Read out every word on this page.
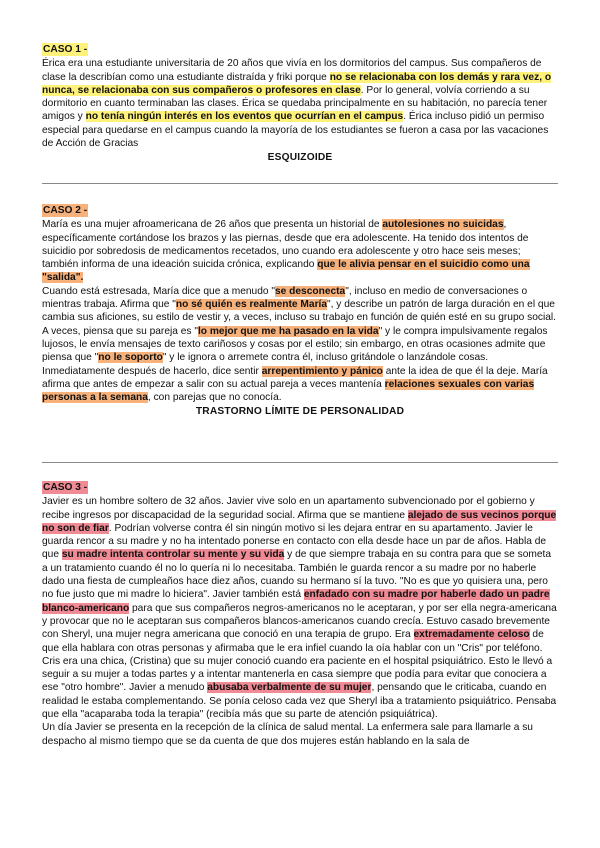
CASO 1 -
Érica era una estudiante universitaria de 20 años que vivía en los dormitorios del campus. Sus compañeros de clase la describían como una estudiante distraída y friki porque no se relacionaba con los demás y rara vez, o nunca, se relacionaba con sus compañeros o profesores en clase. Por lo general, volvía corriendo a su dormitorio en cuanto terminaban las clases. Érica se quedaba principalmente en su habitación, no parecía tener amigos y no tenía ningún interés en los eventos que ocurrían en el campus. Érica incluso pidió un permiso especial para quedarse en el campus cuando la mayoría de los estudiantes se fueron a casa por las vacaciones de Acción de Gracias
ESQUIZOIDE
CASO 2 -
María es una mujer afroamericana de 26 años que presenta un historial de autolesiones no suicidas, específicamente cortándose los brazos y las piernas, desde que era adolescente. Ha tenido dos intentos de suicidio por sobredosis de medicamentos recetados, uno cuando era adolescente y otro hace seis meses; también informa de una ideación suicida crónica, explicando que le alivia pensar en el suicidio como una "salida".
Cuando está estresada, María dice que a menudo "se desconecta", incluso en medio de conversaciones o mientras trabaja. Afirma que "no sé quién es realmente María", y describe un patrón de larga duración en el que cambia sus aficiones, su estilo de vestir y, a veces, incluso su trabajo en función de quién esté en su grupo social. A veces, piensa que su pareja es "lo mejor que me ha pasado en la vida" y le compra impulsivamente regalos lujosos, le envía mensajes de texto cariñosos y cosas por el estilo; sin embargo, en otras ocasiones admite que piensa que "no le soporto" y le ignora o arremete contra él, incluso gritándole o lanzándole cosas. Inmediatamente después de hacerlo, dice sentir arrepentimiento y pánico ante la idea de que él la deje. María afirma que antes de empezar a salir con su actual pareja a veces mantenía relaciones sexuales con varias personas a la semana, con parejas que no conocía.
TRASTORNO LÍMITE DE PERSONALIDAD
CASO 3 -
Javier es un hombre soltero de 32 años. Javier vive solo en un apartamento subvencionado por el gobierno y recibe ingresos por discapacidad de la seguridad social. Afirma que se mantiene alejado de sus vecinos porque no son de fiar. Podrían volverse contra él sin ningún motivo si les dejara entrar en su apartamento. Javier le guarda rencor a su madre y no ha intentado ponerse en contacto con ella desde hace un par de años. Habla de que su madre intenta controlar su mente y su vida y de que siempre trabaja en su contra para que se someta a un tratamiento cuando él no lo quería ni lo necesitaba. También le guarda rencor a su madre por no haberle dado una fiesta de cumpleaños hace diez años, cuando su hermano sí la tuvo. "No es que yo quisiera una, pero no fue justo que mi madre lo hiciera". Javier también está enfadado con su madre por haberle dado un padre blanco-americano para que sus compañeros negros-americanos no le aceptaran, y por ser ella negra-americana y provocar que no le aceptaran sus compañeros blancos-americanos cuando crecía. Estuvo casado brevemente con Sheryl, una mujer negra americana que conoció en una terapia de grupo. Era extremadamente celoso de que ella hablara con otras personas y afirmaba que le era infiel cuando la oía hablar con un "Cris" por teléfono. Cris era una chica, (Cristina) que su mujer conoció cuando era paciente en el hospital psiquiátrico. Esto le llevó a seguir a su mujer a todas partes y a intentar mantenerla en casa siempre que podía para evitar que conociera a ese "otro hombre". Javier a menudo abusaba verbalmente de su mujer, pensando que le criticaba, cuando en realidad le estaba complementando. Se ponía celoso cada vez que Sheryl iba a tratamiento psiquiátrico. Pensaba que ella "acaparaba toda la terapia" (recibía más que su parte de atención psiquiátrica).
Un día Javier se presenta en la recepción de la clínica de salud mental. La enfermera sale para llamarle a su despacho al mismo tiempo que se da cuenta de que dos mujeres están hablando en la sala de
